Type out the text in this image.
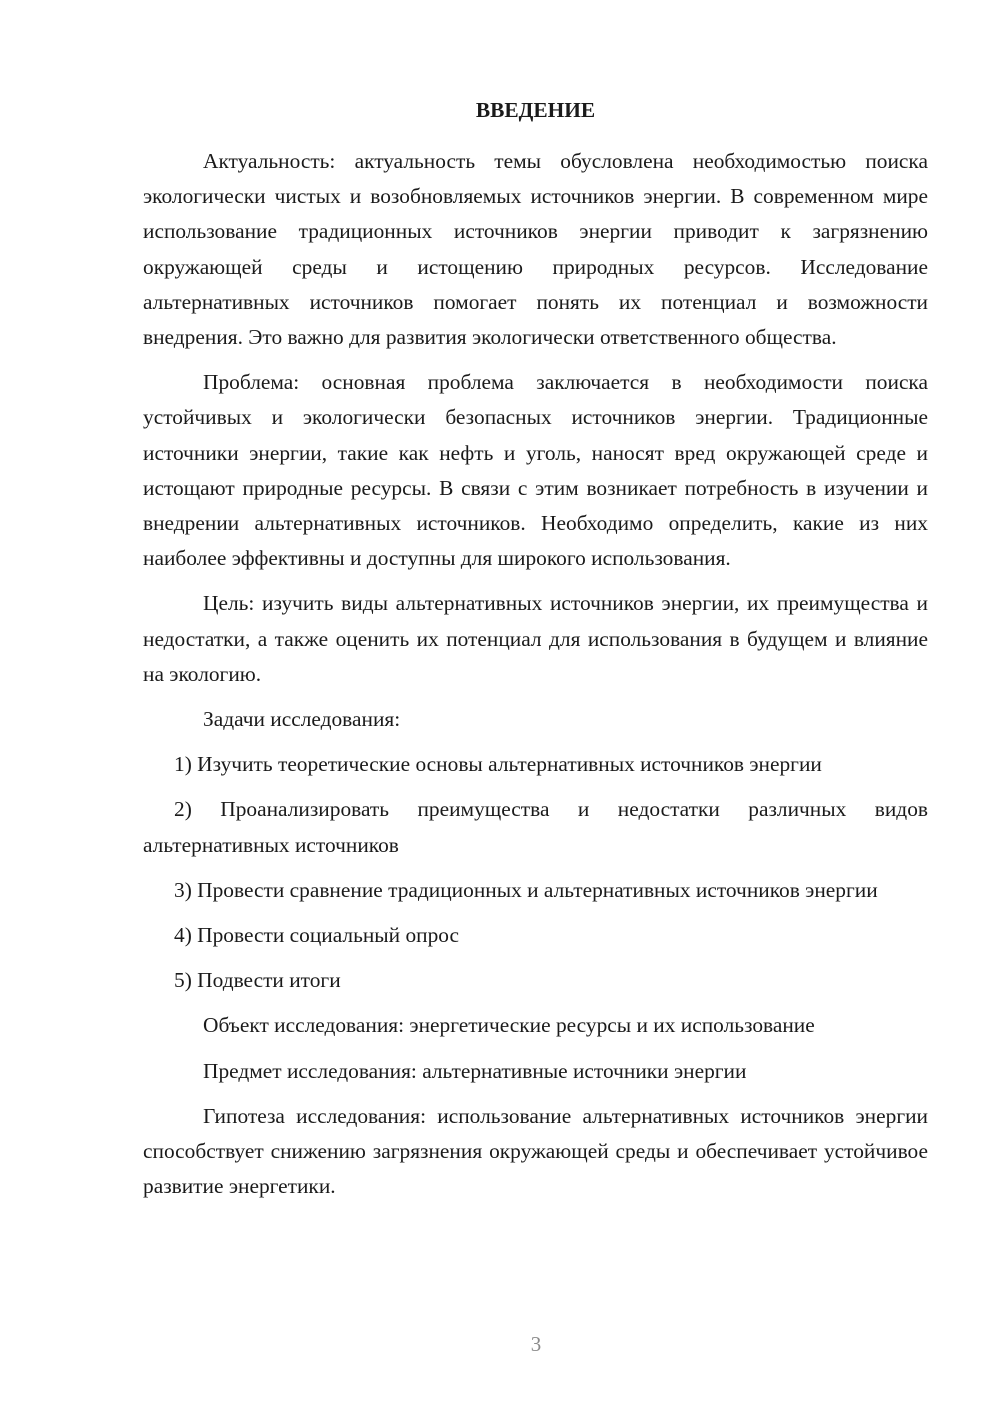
ВВЕДЕНИЕ

Актуальность: актуальность темы обусловлена необходимостью поиска экологически чистых и возобновляемых источников энергии. В современном мире использование традиционных источников энергии приводит к загрязнению окружающей среды и истощению природных ресурсов. Исследование альтернативных источников помогает понять их потенциал и возможности внедрения. Это важно для развития экологически ответственного общества.

Проблема: основная проблема заключается в необходимости поиска устойчивых и экологически безопасных источников энергии. Традиционные источники энергии, такие как нефть и уголь, наносят вред окружающей среде и истощают природные ресурсы. В связи с этим возникает потребность в изучении и внедрении альтернативных источников. Необходимо определить, какие из них наиболее эффективны и доступны для широкого использования.

Цель: изучить виды альтернативных источников энергии, их преимущества и недостатки, а также оценить их потенциал для использования в будущем и влияние на экологию.

Задачи исследования:

1) Изучить теоретические основы альтернативных источников энергии

2) Проанализировать преимущества и недостатки различных видов альтернативных источников

3) Провести сравнение традиционных и альтернативных источников энергии

4) Провести социальный опрос

5) Подвести итоги

Объект исследования: энергетические ресурсы и их использование

Предмет исследования: альтернативные источники энергии

Гипотеза исследования: использование альтернативных источников энергии способствует снижению загрязнения окружающей среды и обеспечивает устойчивое развитие энергетики.

3
